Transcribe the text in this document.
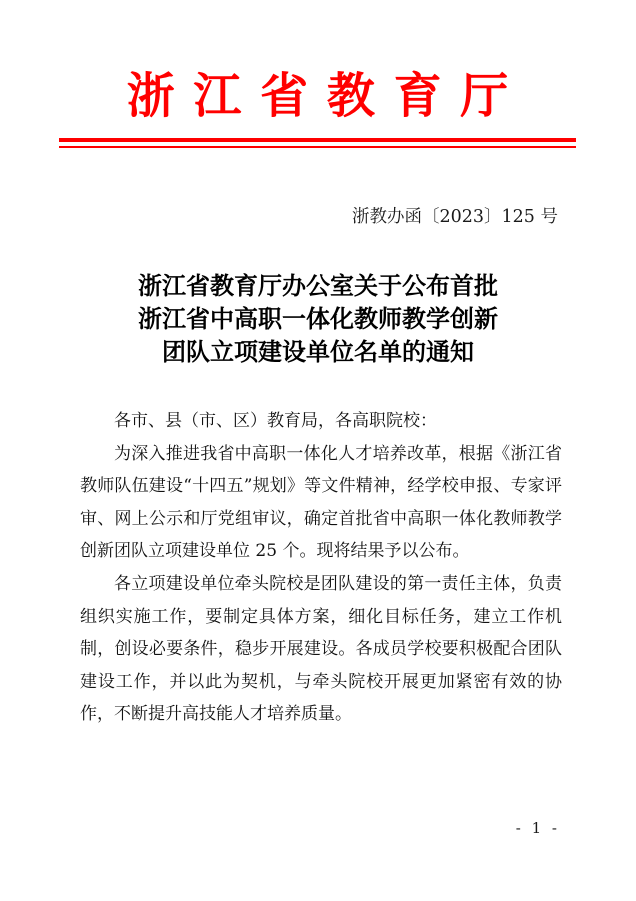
浙 江 省 教 育 厅
浙教办函〔2023〕125 号
浙江省教育厅办公室关于公布首批
浙江省中高职一体化教师教学创新
团队立项建设单位名单的通知

各市、县（市、区）教育局，各高职院校：

为深入推进我省中高职一体化人才培养改革，根据《浙江省教师队伍建设“十四五”规划》等文件精神，经学校申报、专家评审、网上公示和厅党组审议，确定首批省中高职一体化教师教学创新团队立项建设单位 25 个。现将结果予以公布。

各立项建设单位牵头院校是团队建设的第一责任主体，负责组织实施工作，要制定具体方案，细化目标任务，建立工作机制，创设必要条件，稳步开展建设。各成员学校要积极配合团队建设工作，并以此为契机，与牵头院校开展更加紧密有效的协作，不断提升高技能人才培养质量。

- 1 -
